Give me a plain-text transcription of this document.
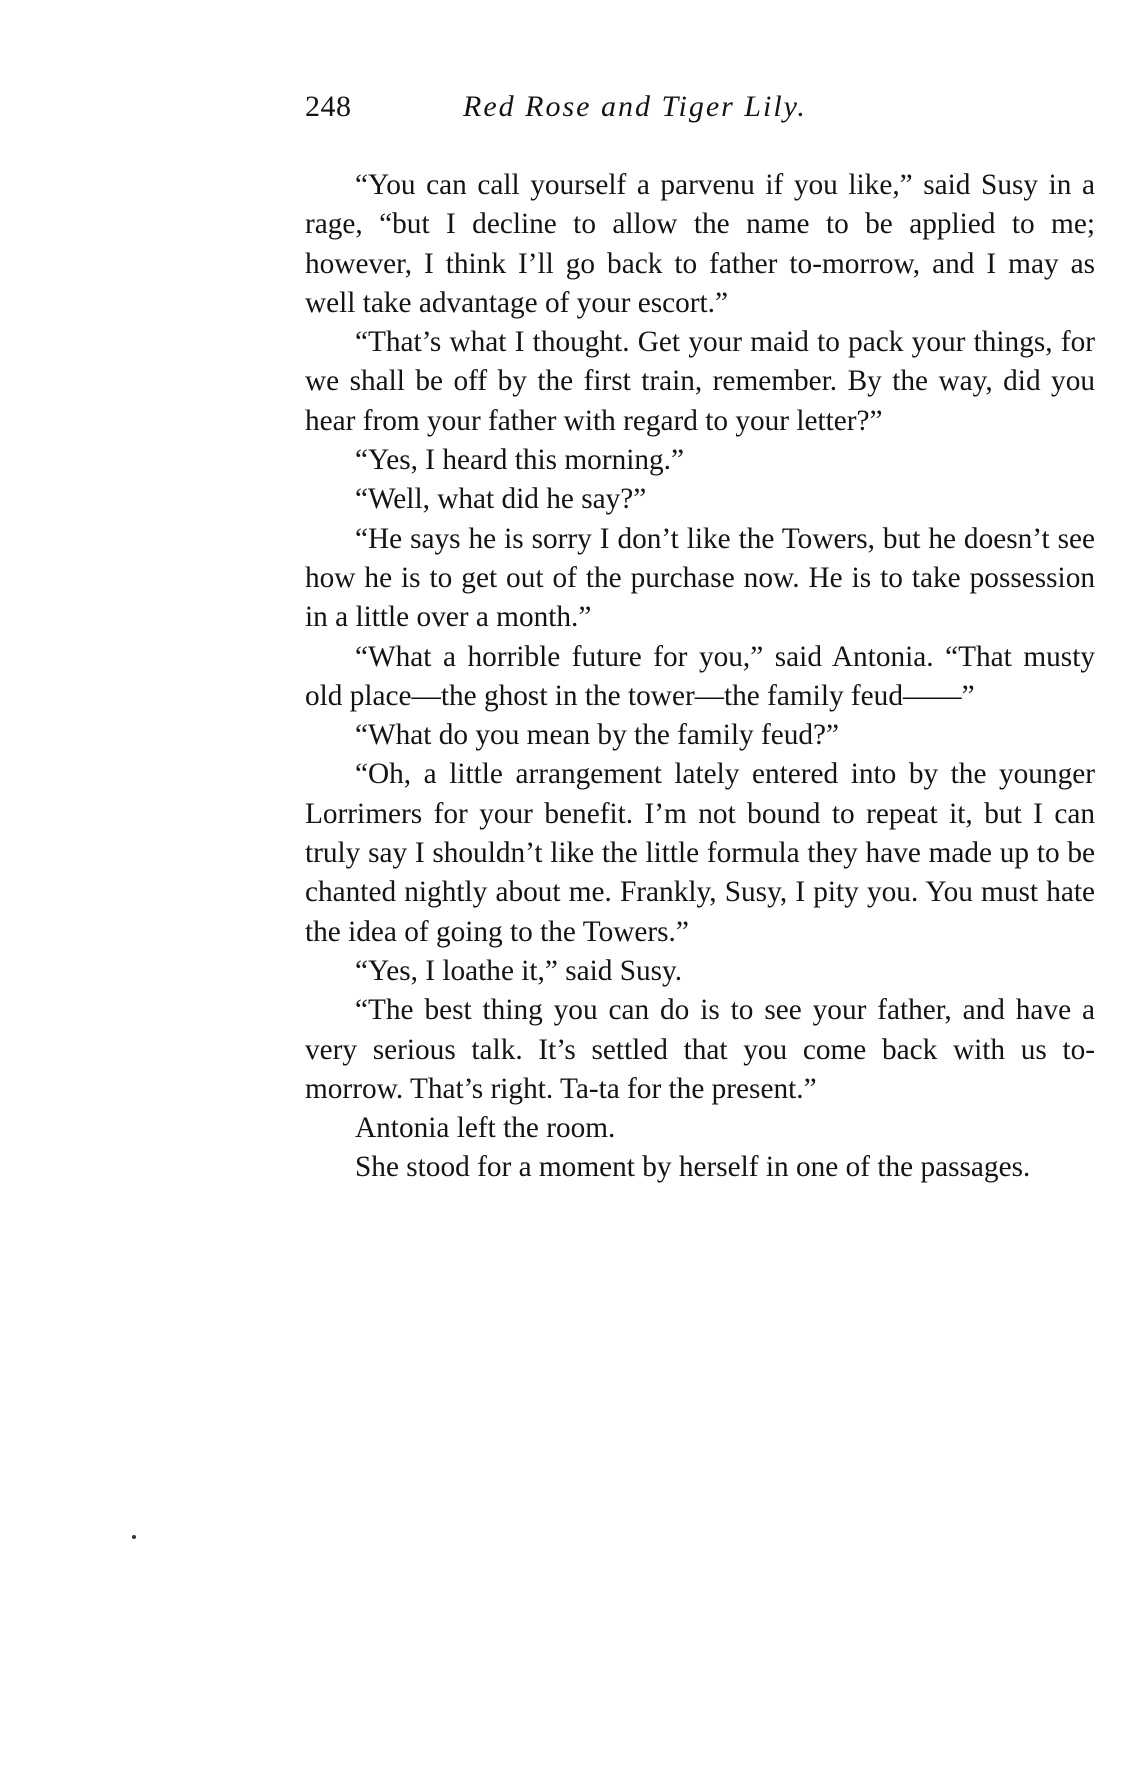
248	Red Rose and Tiger Lily.

“You can call yourself a parvenu if you like,” said Susy in a rage, “but I decline to allow the name to be applied to me; however, I think I’ll go back to father to-morrow, and I may as well take advantage of your escort.”

“That’s what I thought. Get your maid to pack your things, for we shall be off by the first train, remember. By the way, did you hear from your father with regard to your letter?”

“Yes, I heard this morning.”

“Well, what did he say?”

“He says he is sorry I don’t like the Towers, but he doesn’t see how he is to get out of the purchase now. He is to take possession in a little over a month.”

“What a horrible future for you,” said Antonia. “That musty old place—the ghost in the tower—the family feud——”

“What do you mean by the family feud?”

“Oh, a little arrangement lately entered into by the younger Lorrimers for your benefit. I’m not bound to repeat it, but I can truly say I shouldn’t like the little formula they have made up to be chanted nightly about me. Frankly, Susy, I pity you. You must hate the idea of going to the Towers.”

“Yes, I loathe it,” said Susy.

“The best thing you can do is to see your father, and have a very serious talk. It’s settled that you come back with us to-morrow. That’s right. Ta-ta for the present.”

Antonia left the room.

She stood for a moment by herself in one of the passages.
